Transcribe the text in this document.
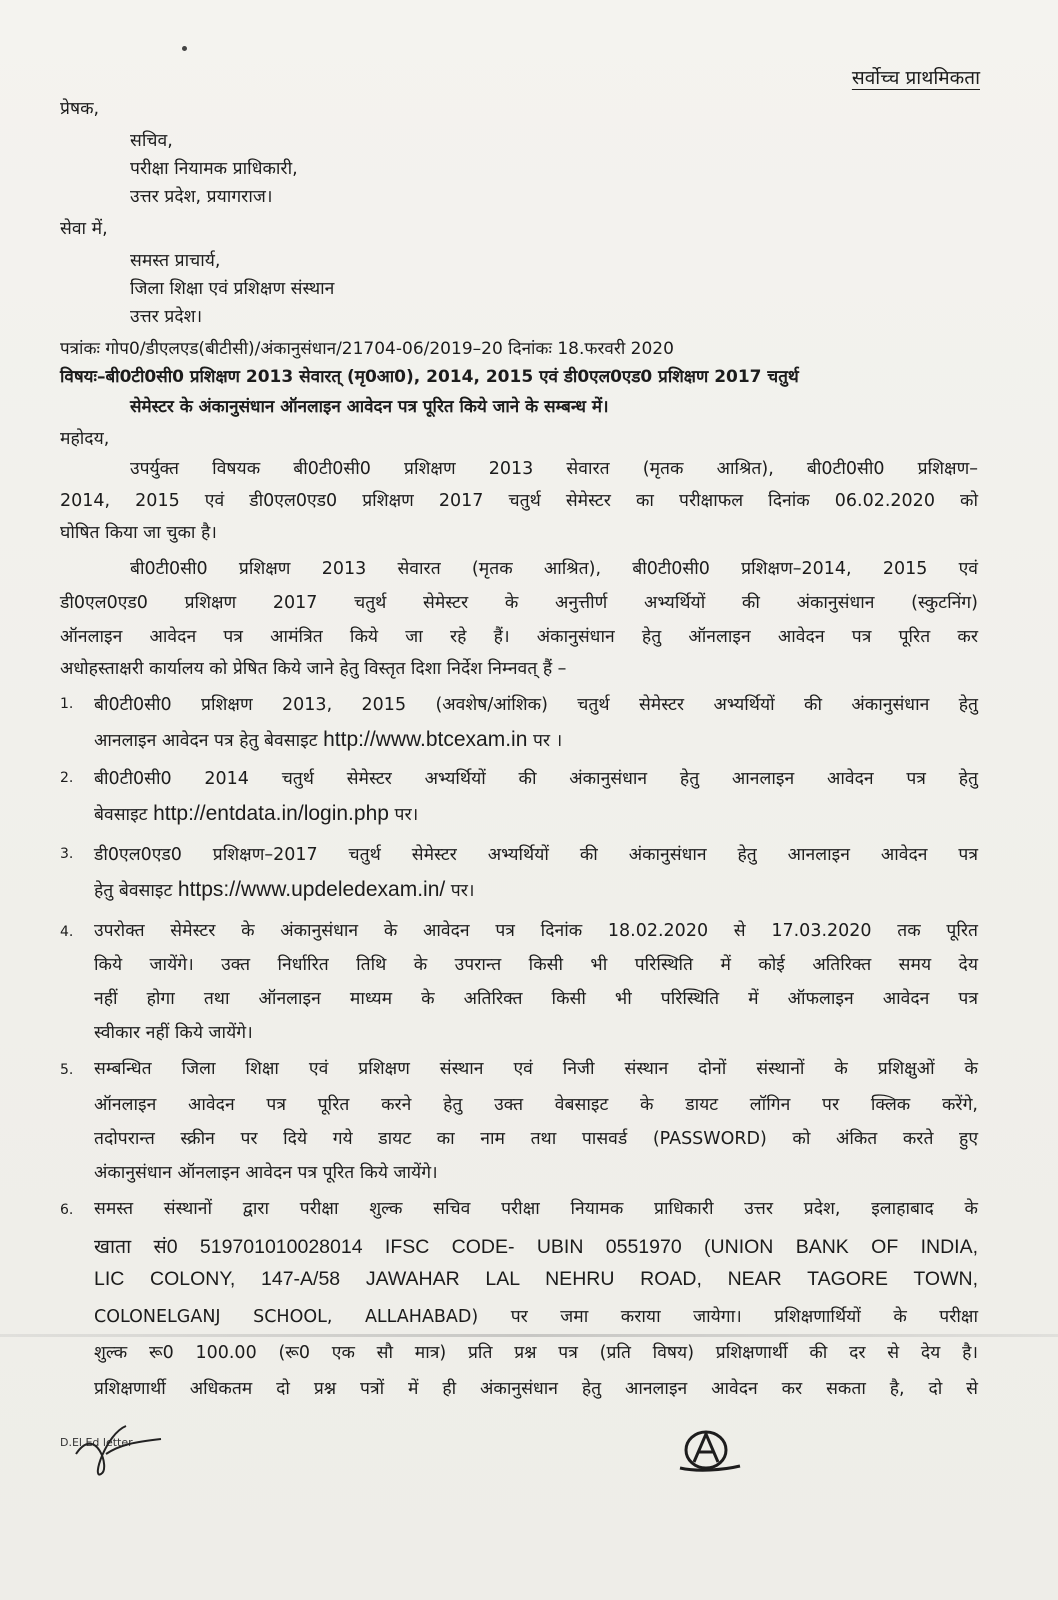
सर्वोच्च प्राथमिकता
प्रेषक,
सचिव,
परीक्षा नियामक प्राधिकारी,
उत्तर प्रदेश, प्रयागराज।
सेवा में,
समस्त प्राचार्य,
जिला शिक्षा एवं प्रशिक्षण संस्थान
उत्तर प्रदेश।
पत्रांकः गोप0/डीएलएड(बीटीसी)/अंकानुसंधान/21704-06/2019–20 दिनांकः 18.फरवरी 2020
विषयः–बी0टी0सी0 प्रशिक्षण 2013 सेवारत् (मृ0आ0), 2014, 2015 एवं डी0एल0एड0 प्रशिक्षण 2017 चतुर्थ
सेमेस्टर के अंकानुसंधान ऑनलाइन आवेदन पत्र पूरित किये जाने के सम्बन्ध में।
महोदय,
उपर्युक्त विषयक बी0टी0सी0 प्रशिक्षण 2013 सेवारत (मृतक आश्रित), बी0टी0सी0 प्रशिक्षण–
2014, 2015 एवं डी0एल0एड0 प्रशिक्षण 2017 चतुर्थ सेमेस्टर का परीक्षाफल दिनांक 06.02.2020 को
घोषित किया जा चुका है।
बी0टी0सी0 प्रशिक्षण 2013 सेवारत (मृतक आश्रित), बी0टी0सी0 प्रशिक्षण–2014, 2015 एवं
डी0एल0एड0 प्रशिक्षण 2017 चतुर्थ सेमेस्टर के अनुत्तीर्ण अभ्यर्थियों की अंकानुसंधान (स्कुटनिंग)
ऑनलाइन आवेदन पत्र आमंत्रित किये जा रहे हैं। अंकानुसंधान हेतु ऑनलाइन आवेदन पत्र पूरित कर
अधोहस्ताक्षरी कार्यालय को प्रेषित किये जाने हेतु विस्तृत दिशा निर्देश निम्नवत् हैं –
1. बी0टी0सी0 प्रशिक्षण 2013, 2015 (अवशेष/आंशिक) चतुर्थ सेमेस्टर अभ्यर्थियों की अंकानुसंधान हेतु
आनलाइन आवेदन पत्र हेतु बेवसाइट http://www.btcexam.in पर ।
2. बी0टी0सी0 2014 चतुर्थ सेमेस्टर अभ्यर्थियों की अंकानुसंधान हेतु आनलाइन आवेदन पत्र हेतु
बेवसाइट http://entdata.in/login.php पर।
3. डी0एल0एड0 प्रशिक्षण–2017 चतुर्थ सेमेस्टर अभ्यर्थियों की अंकानुसंधान हेतु आनलाइन आवेदन पत्र
हेतु बेवसाइट https://www.updeledexam.in/ पर।
4. उपरोक्त सेमेस्टर के अंकानुसंधान के आवेदन पत्र दिनांक 18.02.2020 से 17.03.2020 तक पूरित
किये जायेंगे। उक्त निर्धारित तिथि के उपरान्त किसी भी परिस्थिति में कोई अतिरिक्त समय देय
नहीं होगा तथा ऑनलाइन माध्यम के अतिरिक्त किसी भी परिस्थिति में ऑफलाइन आवेदन पत्र
स्वीकार नहीं किये जायेंगे।
5. सम्बन्धित जिला शिक्षा एवं प्रशिक्षण संस्थान एवं निजी संस्थान दोनों संस्थानों के प्रशिक्षुओं के
ऑनलाइन आवेदन पत्र पूरित करने हेतु उक्त वेबसाइट के डायट लॉगिन पर क्लिक करेंगे,
तदोपरान्त स्क्रीन पर दिये गये डायट का नाम तथा पासवर्ड (PASSWORD) को अंकित करते हुए
अंकानुसंधान ऑनलाइन आवेदन पत्र पूरित किये जायेंगे।
6. समस्त संस्थानों द्वारा परीक्षा शुल्क सचिव परीक्षा नियामक प्राधिकारी उत्तर प्रदेश, इलाहाबाद के
खाता सं0 519701010028014 IFSC CODE- UBIN 0551970 (UNION BANK OF INDIA,
LIC COLONY, 147-A/58 JAWAHAR LAL NEHRU ROAD, NEAR TAGORE TOWN,
COLONELGANJ SCHOOL, ALLAHABAD) पर जमा कराया जायेगा। प्रशिक्षणार्थियों के परीक्षा
शुल्क रू0 100.00 (रू0 एक सौ मात्र) प्रति प्रश्न पत्र (प्रति विषय) प्रशिक्षणार्थी की दर से देय है।
प्रशिक्षणार्थी अधिकतम दो प्रश्न पत्रों में ही अंकानुसंधान हेतु आनलाइन आवेदन कर सकता है, दो से
D.El.Ed letter
